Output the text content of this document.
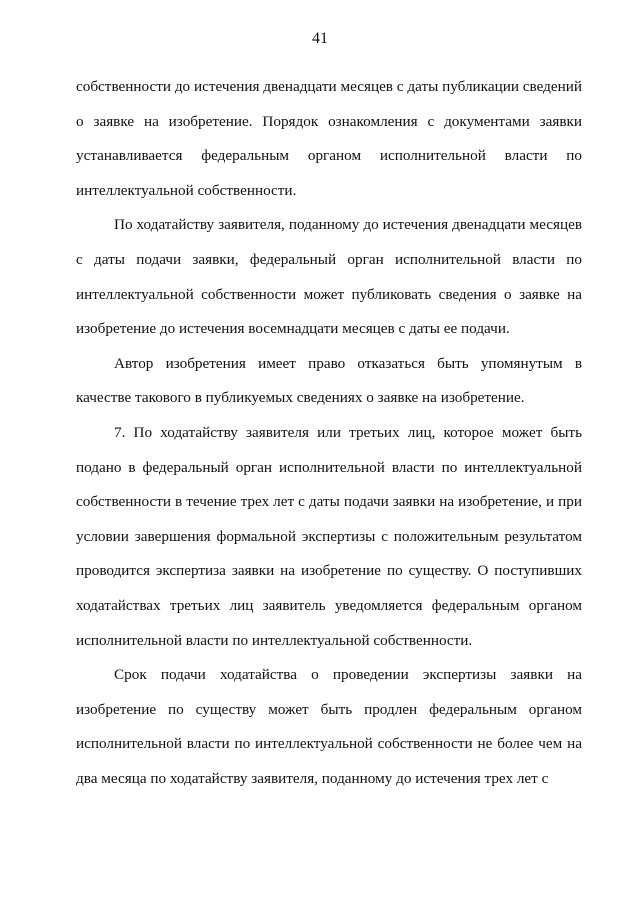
41

собственности до истечения двенадцати месяцев с даты публикации сведений о заявке на изобретение. Порядок ознакомления с документами заявки устанавливается федеральным органом исполнительной власти по интеллектуальной собственности.

По ходатайству заявителя, поданному до истечения двенадцати месяцев с даты подачи заявки, федеральный орган исполнительной власти по интеллектуальной собственности может публиковать сведения о заявке на изобретение до истечения восемнадцати месяцев с даты ее подачи.

Автор изобретения имеет право отказаться быть упомянутым в качестве такового в публикуемых сведениях о заявке на изобретение.

7. По ходатайству заявителя или третьих лиц, которое может быть подано в федеральный орган исполнительной власти по интеллектуальной собственности в течение трех лет с даты подачи заявки на изобретение, и при условии завершения формальной экспертизы с положительным результатом проводится экспертиза заявки на изобретение по существу. О поступивших ходатайствах третьих лиц заявитель уведомляется федеральным органом исполнительной власти по интеллектуальной собственности.

Срок подачи ходатайства о проведении экспертизы заявки на изобретение по существу может быть продлен федеральным органом исполнительной власти по интеллектуальной собственности не более чем на два месяца по ходатайству заявителя, поданному до истечения трех лет с
